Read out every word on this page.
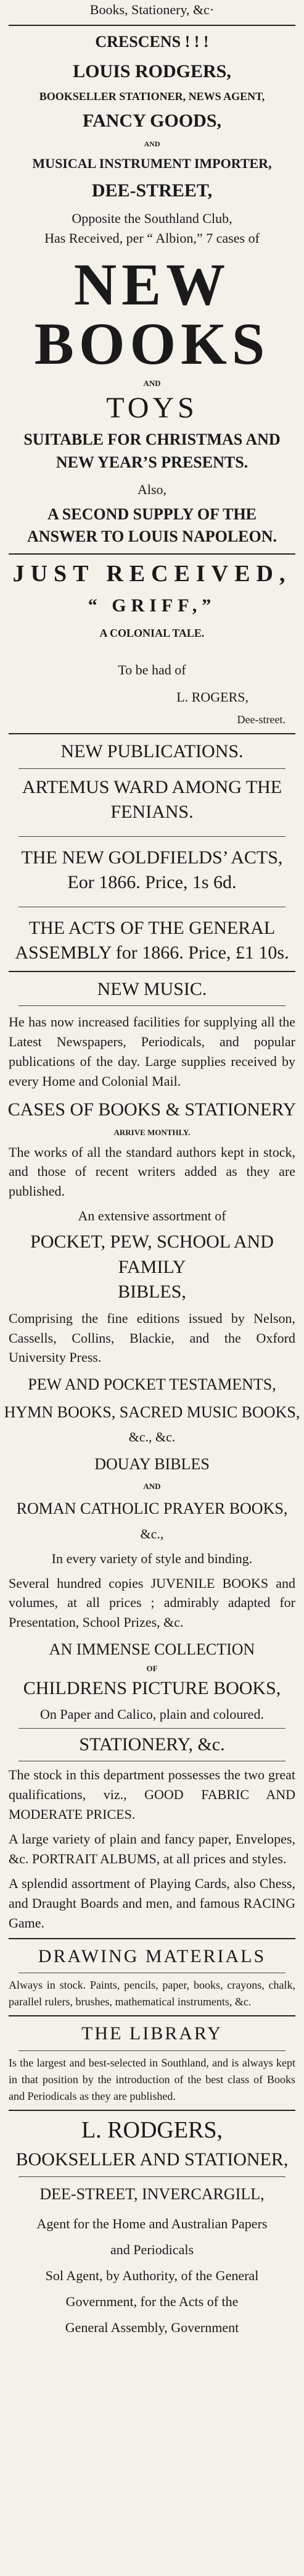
Books, Stationery, &c·

CRESCENS ! ! !

LOUIS RODGERS,

BOOKSELLER STATIONER, NEWS AGENT,

FANCY GOODS,

AND

MUSICAL INSTRUMENT IMPORTER,

DEE-STREET,

Opposite the Southland Club,

Has Received, per “ Albion,” 7 cases of

NEW BOOKS

AND

TOYS

SUITABLE FOR CHRISTMAS AND

NEW YEAR’S PRESENTS.

Also,

A SECOND SUPPLY OF THE

ANSWER TO LOUIS NAPOLEON.

JUST RECEIVED,

“ GRIFF,”

A COLONIAL TALE.

To be had of

L. ROGERS,

Dee-street.

NEW PUBLICATIONS.

ARTEMUS WARD AMONG THE FENIANS.

THE NEW GOLDFIELDS’ ACTS,

Eor 1866. Price, 1s 6d.

THE ACTS OF THE GENERAL

ASSEMBLY for 1866. Price, £1 10s.

NEW MUSIC.

He has now increased facilities for supplying all the Latest Newspapers, Periodicals, and popular publications of the day. Large supplies received by every Home and Colonial Mail.

CASES OF BOOKS & STATIONERY

ARRIVE MONTHLY.

The works of all the standard authors kept in stock, and those of recent writers added as they are published.

An extensive assortment of

POCKET, PEW, SCHOOL AND FAMILY

BIBLES,

Comprising the fine editions issued by Nelson, Cassells, Collins, Blackie, and the Oxford University Press.

PEW AND POCKET TESTAMENTS,

HYMN BOOKS, SACRED MUSIC BOOKS,

&c., &c.

DOUAY BIBLES

AND

ROMAN CATHOLIC PRAYER BOOKS,

&c.,

In every variety of style and binding.

Several hundred copies JUVENILE BOOKS and volumes, at all prices ; admirably adapted for Presentation, School Prizes, &c.

AN IMMENSE COLLECTION

OF

CHILDRENS PICTURE BOOKS,

On Paper and Calico, plain and coloured.

STATIONERY, &c.

The stock in this department possesses the two great qualifications, viz., GOOD FABRIC AND MODERATE PRICES.

A large variety of plain and fancy paper, Envelopes, &c. PORTRAIT ALBUMS, at all prices and styles.

A splendid assortment of Playing Cards, also Chess, and Draught Boards and men, and famous RACING Game.

DRAWING MATERIALS

Always in stock. Paints, pencils, paper, books, crayons, chalk, parallel rulers, brushes, mathematical instruments, &c.

THE LIBRARY

Is the largest and best-selected in Southland, and is always kept in that position by the introduction of the best class of Books and Periodicals as they are published.

L. RODGERS,

BOOKSELLER AND STATIONER,

DEE-STREET, INVERCARGILL,

Agent for the Home and Australian Papers

and Periodicals

Sol Agent, by Authority, of the General

Government, for the Acts of the

General Assembly, Government
